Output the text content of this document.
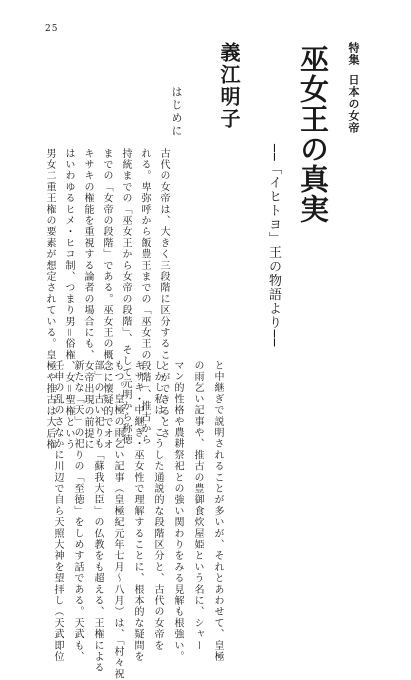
25
特集日本の女帝
巫女王の真実
──「イヒトヨ」王の物語より──
義江明子
はじめに
古代の女帝は、大きく三段階に区分することができるとさ
れる。卑弥呼から飯豊王までの「巫女王の段階」、推古から
持統までの「巫女王から女帝の段階」、そして元明から称徳
までの「女帝の段階」である。巫女王の概念に懐疑的でオオ
キサキの権能を重視する論者の場合にも、女帝出現の前提に
はいわゆるヒメ・ヒコ制、つまり男＝俗権、女＝聖権という
男女二重王権の要素が想定されている。皇極や推古は大后権
と中継ぎで説明されることが多いが、それとあわせて、皇極
の雨乞い記事や、推古の豊御食炊屋姫という名に、シャー
マン的性格や農耕祭祀との強い関わりをみる見解も根強い。
しかし私は、こうした通説的な段階区分と、古代の女帝を
キサキ・中継ぎ・巫女性で理解することに、根本的な疑問を
もつ。皇極の雨乞い記事（皇極紀元年七月〜八月）は、「村々祝
部」の古い祀りも「蘇我大臣」の仏教をも超える、王権による
新たな「天」の祀りの「至徳」をしめす話である。天武も、
壬申の乱のさなかに川辺で自ら天照大神を望拝し（天武即位
